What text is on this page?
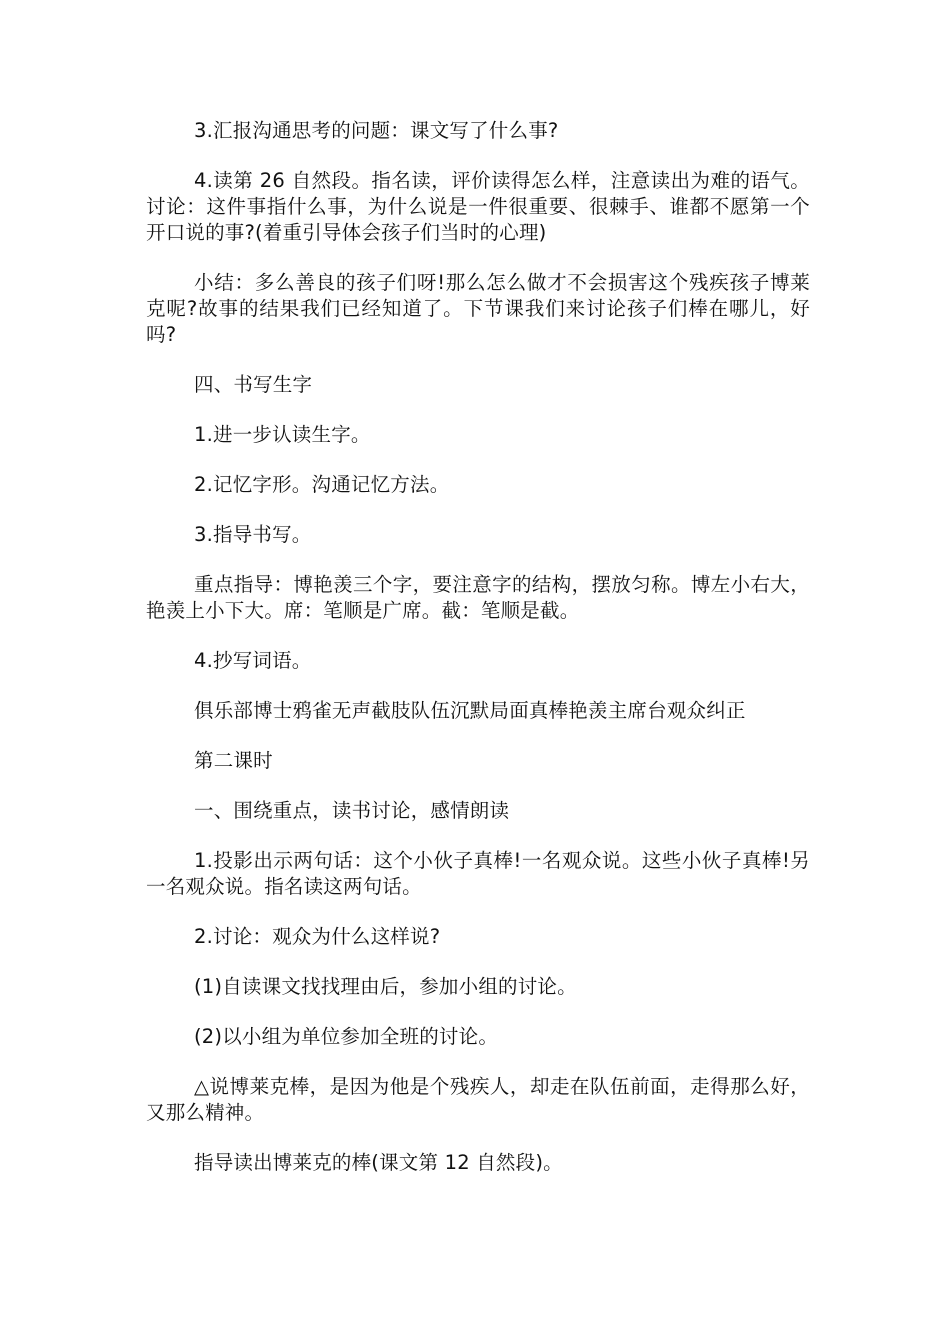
3.汇报沟通思考的问题：课文写了什么事?

4.读第 26 自然段。指名读，评价读得怎么样，注意读出为难的语气。讨论：这件事指什么事，为什么说是一件很重要、很棘手、谁都不愿第一个开口说的事?(着重引导体会孩子们当时的心理)

小结：多么善良的孩子们呀!那么怎么做才不会损害这个残疾孩子博莱克呢?故事的结果我们已经知道了。下节课我们来讨论孩子们棒在哪儿，好吗?

四、书写生字

1.进一步认读生字。

2.记忆字形。沟通记忆方法。

3.指导书写。

重点指导：博艳羡三个字，要注意字的结构，摆放匀称。博左小右大，艳羡上小下大。席：笔顺是广席。截：笔顺是截。

4.抄写词语。

俱乐部博士鸦雀无声截肢队伍沉默局面真棒艳羡主席台观众纠正

第二课时

一、围绕重点，读书讨论，感情朗读

1.投影出示两句话：这个小伙子真棒!一名观众说。这些小伙子真棒!另一名观众说。指名读这两句话。

2.讨论：观众为什么这样说?

(1)自读课文找找理由后，参加小组的讨论。

(2)以小组为单位参加全班的讨论。

△说博莱克棒，是因为他是个残疾人，却走在队伍前面，走得那么好，又那么精神。

指导读出博莱克的棒(课文第 12 自然段)。
